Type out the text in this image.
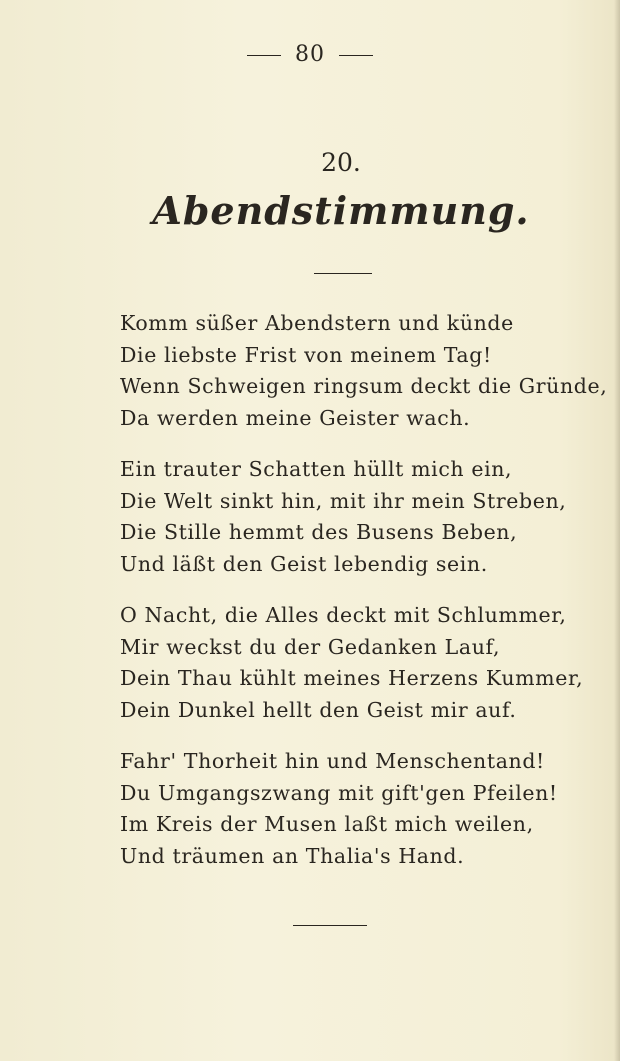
80
20.
Abendstimmung.
Komm süßer Abendstern und künde
Die liebste Frist von meinem Tag!
Wenn Schweigen ringsum deckt die Gründe,
Da werden meine Geister wach.
Ein trauter Schatten hüllt mich ein,
Die Welt sinkt hin, mit ihr mein Streben,
Die Stille hemmt des Busens Beben,
Und läßt den Geist lebendig sein.
O Nacht, die Alles deckt mit Schlummer,
Mir weckst du der Gedanken Lauf,
Dein Thau kühlt meines Herzens Kummer,
Dein Dunkel hellt den Geist mir auf.
Fahr' Thorheit hin und Menschentand!
Du Umgangszwang mit gift'gen Pfeilen!
Im Kreis der Musen laßt mich weilen,
Und träumen an Thalia's Hand.
